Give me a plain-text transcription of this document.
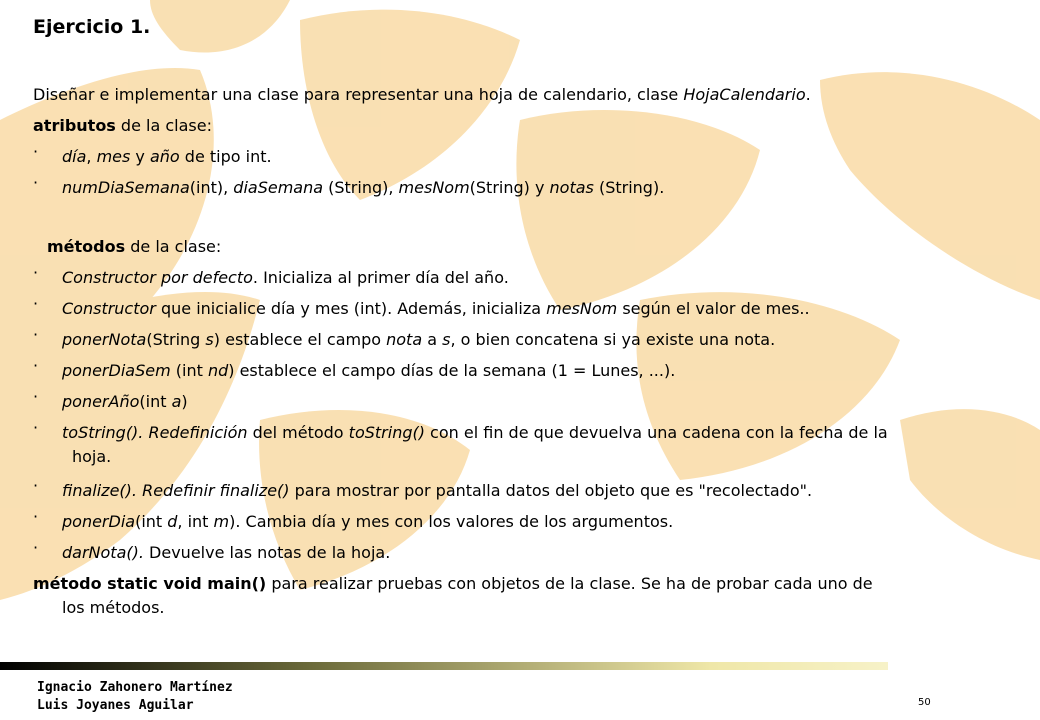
Ejercicio 1.
Diseñar e implementar una clase para representar una hoja de calendario, clase HojaCalendario.
atributos de la clase:
· día, mes y año de tipo int.
· numDiaSemana(int), diaSemana (String), mesNom(String) y notas (String).
métodos de la clase:
· Constructor por defecto. Inicializa al primer día del año.
· Constructor que inicialice día y mes (int). Además, inicializa mesNom según el valor de mes..
· ponerNota(String s) establece el campo nota a s, o bien concatena si ya existe una nota.
· ponerDiaSem (int nd) establece el campo días de la semana (1 = Lunes, ...).
· ponerAño(int a)
· toString(). Redefinición del método toString() con el fin de que devuelva una cadena con la fecha de la
hoja.
· finalize(). Redefinir finalize() para mostrar por pantalla datos del objeto que es "recolectado".
· ponerDia(int d, int m). Cambia día y mes con los valores de los argumentos.
· darNota(). Devuelve las notas de la hoja.
método static void main() para realizar pruebas con objetos de la clase. Se ha de probar cada uno de
los métodos.
Ignacio Zahonero Martínez
Luis Joyanes Aguilar	50
